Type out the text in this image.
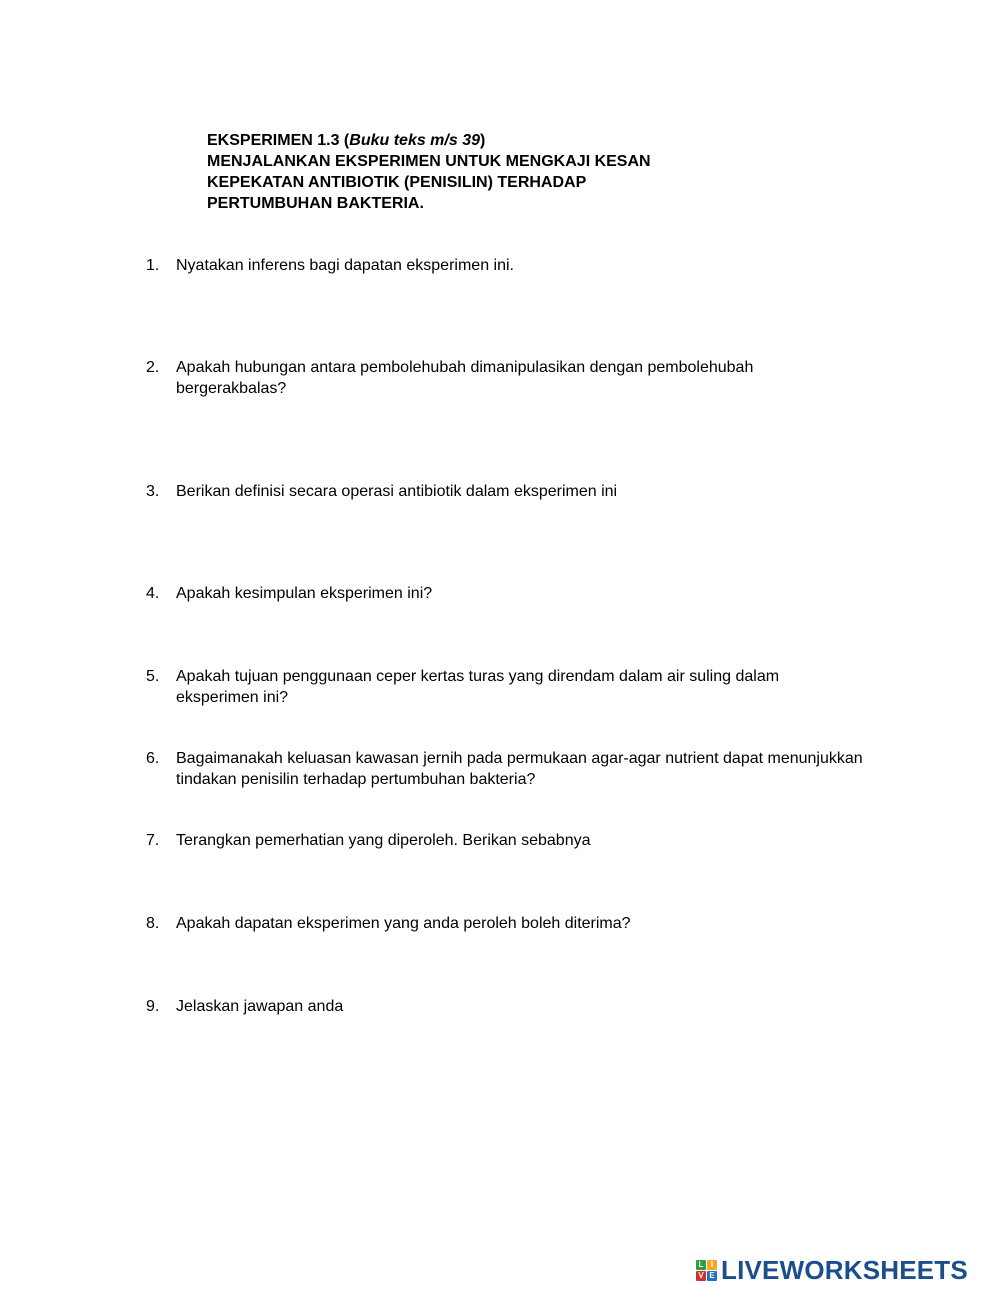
EKSPERIMEN 1.3 (Buku teks m/s 39)
MENJALANKAN EKSPERIMEN UNTUK MENGKAJI KESAN
KEPEKATAN ANTIBIOTIK (PENISILIN) TERHADAP
PERTUMBUHAN BAKTERIA.
1. Nyatakan inferens bagi dapatan eksperimen ini.
2. Apakah hubungan antara pembolehubah dimanipulasikan dengan pembolehubah bergerakbalas?
3. Berikan definisi secara operasi antibiotik dalam eksperimen ini
4. Apakah kesimpulan eksperimen ini?
5. Apakah tujuan penggunaan ceper kertas turas yang direndam dalam air suling dalam eksperimen ini?
6. Bagaimanakah keluasan kawasan jernih pada permukaan agar-agar nutrient dapat menunjukkan tindakan penisilin terhadap pertumbuhan bakteria?
7. Terangkan pemerhatian yang diperoleh. Berikan sebabnya
8. Apakah dapatan eksperimen yang anda peroleh boleh diterima?
9. Jelaskan jawapan anda
L I
V E LIVEWORKSHEETS
